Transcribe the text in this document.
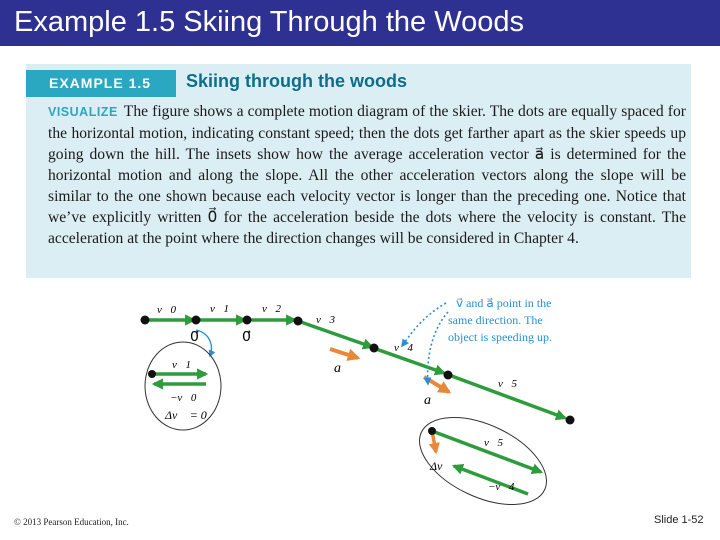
Example 1.5 Skiing Through the Woods
EXAMPLE 1.5 Skiing through the woods
VISUALIZE The figure shows a complete motion diagram of the skier. The dots are equally spaced for the horizontal motion, indicating constant speed; then the dots get farther apart as the skier speeds up going down the hill. The insets show how the average acceleration vector a⃗ is determined for the horizontal motion and along the slope. All the other acceleration vectors along the slope will be similar to the one shown because each velocity vector is longer than the preceding one. Notice that we’ve explicitly written 0⃗ for the acceleration beside the dots where the velocity is constant. The acceleration at the point where the direction changes will be considered in Chapter 4.
v⃗0	v⃗1	v⃗2
v⃗3
v⃗4
v⃗5
0⃗	0⃗
a⃗
a⃗
v⃗ and a⃗ point in the
same direction. The
object is speeding up.
v⃗1
−v⃗0
Δv⃗ = 0⃗
v⃗5
Δv⃗
−v⃗4
© 2013 Pearson Education, Inc.	Slide 1-52
